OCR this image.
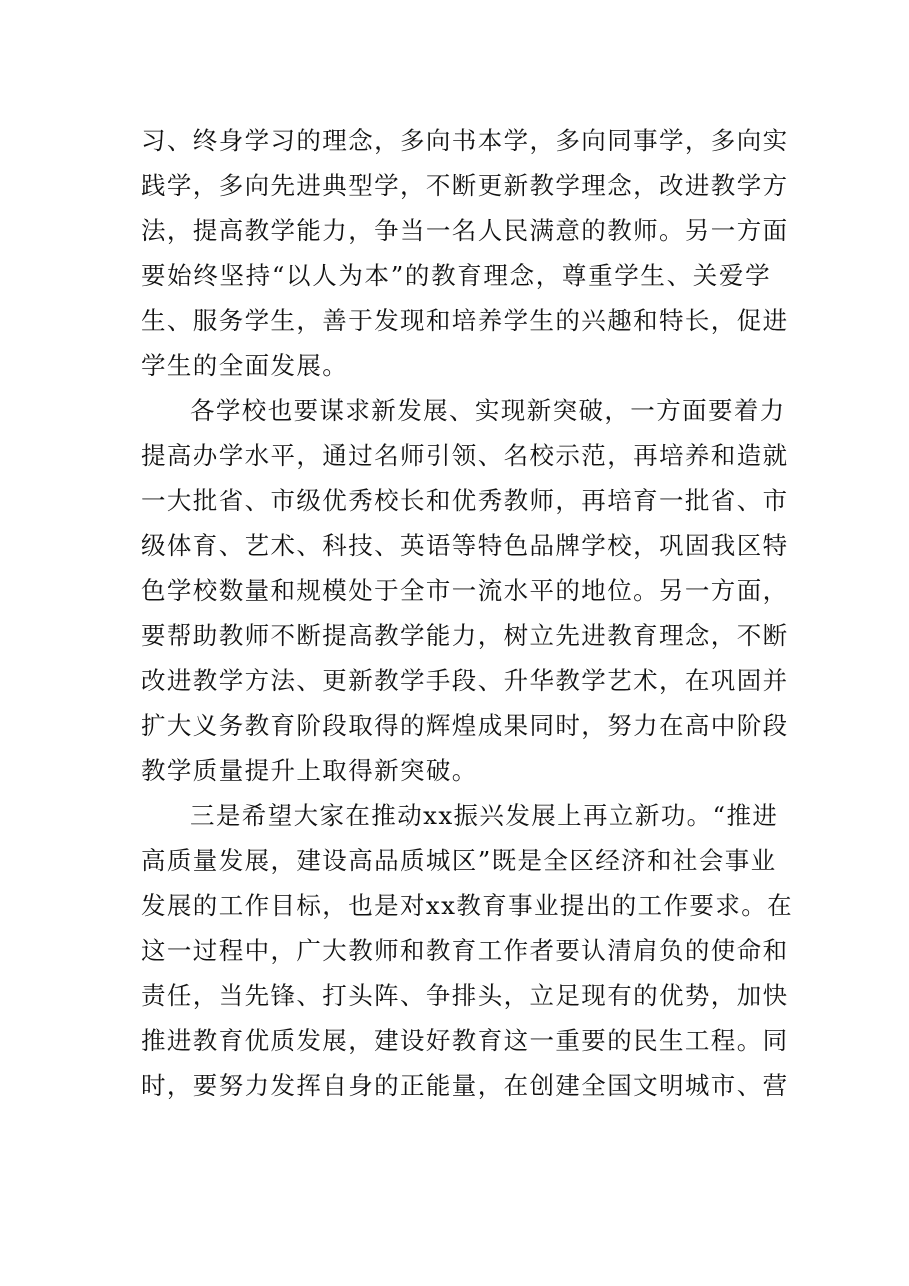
习、终身学习的理念，多向书本学，多向同事学，多向实
践学，多向先进典型学，不断更新教学理念，改进教学方
法，提高教学能力，争当一名人民满意的教师。另一方面
要始终坚持“以人为本”的教育理念，尊重学生、关爱学
生、服务学生，善于发现和培养学生的兴趣和特长，促进
学生的全面发展。
各学校也要谋求新发展、实现新突破，一方面要着力
提高办学水平，通过名师引领、名校示范，再培养和造就
一大批省、市级优秀校长和优秀教师，再培育一批省、市
级体育、艺术、科技、英语等特色品牌学校，巩固我区特
色学校数量和规模处于全市一流水平的地位。另一方面，
要帮助教师不断提高教学能力，树立先进教育理念，不断
改进教学方法、更新教学手段、升华教学艺术，在巩固并
扩大义务教育阶段取得的辉煌成果同时，努力在高中阶段
教学质量提升上取得新突破。
三是希望大家在推动xx振兴发展上再立新功。“推进
高质量发展，建设高品质城区”既是全区经济和社会事业
发展的工作目标，也是对xx教育事业提出的工作要求。在
这一过程中，广大教师和教育工作者要认清肩负的使命和
责任，当先锋、打头阵、争排头，立足现有的优势，加快
推进教育优质发展，建设好教育这一重要的民生工程。同
时，要努力发挥自身的正能量，在创建全国文明城市、营
